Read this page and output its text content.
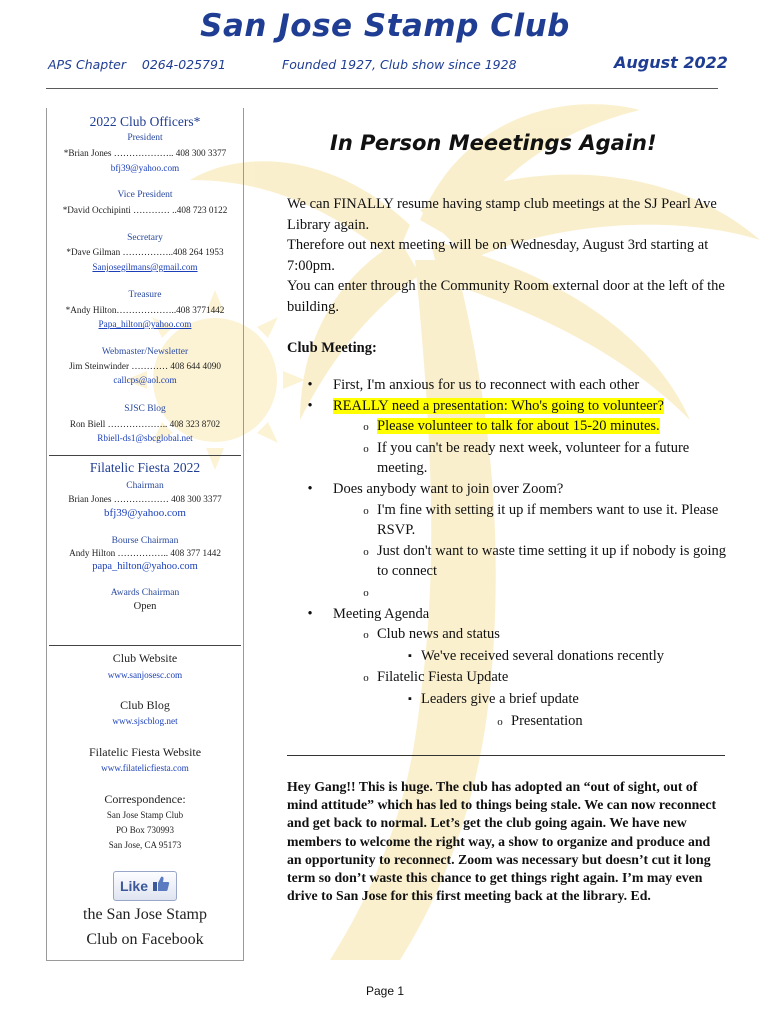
San Jose Stamp Club
APS Chapter    0264-025791	Founded 1927, Club show since 1928	August 2022
2022 Club Officers*
President
*Brian Jones ……………….. 408 300 3377
bfj39@yahoo.com
Vice President
*David Occhipinti ………… ..408 723 0122
Secretary
*Dave Gilman ……………..408 264 1953
Sanjosegilmans@gmail.com
Treasure
*Andy Hilton………………..408 3771442
Papa_hilton@yahoo.com
Webmaster/Newsletter
Jim Steinwinder ………… 408 644 4090
callcps@aol.com
SJSC Blog
Ron Biell ……………….. 408 323 8702
Rbiell-ds1@sbcglobal.net
Filatelic Fiesta 2022
Chairman
Brian Jones ……………… 408 300 3377
bfj39@yahoo.com
Bourse Chairman
Andy Hilton …………….. 408 377 1442
papa_hilton@yahoo.com
Awards Chairman
Open
Club Website
www.sanjosesc.com
Club Blog
www.sjscblog.net
Filatelic Fiesta Website
www.filatelicfiesta.com
Correspondence:
San Jose Stamp Club
PO Box 730993
San Jose, CA 95173
Like
the San Jose Stamp
Club on Facebook
In Person Meeetings Again!
We can FINALLY resume having stamp club meetings at the SJ Pearl Ave Library again.
Therefore out next meeting will be on Wednesday, August 3rd starting at 7:00pm.
You can enter through the Community Room external door at the left of the building.
Club Meeting:
•
First, I'm anxious for us to reconnect with each other
•
REALLY need a presentation: Who's going to volunteer?
o
Please volunteer to talk for about 15-20 minutes.
o
If you can't be ready next week, volunteer for a future meeting.
•
Does anybody want to join over Zoom?
o
I'm fine with setting it up if members want to use it. Please RSVP.
o
Just don't want to waste time setting it up if nobody is going to connect
o
•
Meeting Agenda
o
Club news and status
▪
We've received several donations recently
o
Filatelic Fiesta Update
▪
Leaders give a brief update
o
Presentation
Hey Gang!! This is huge. The club has adopted an “out of sight, out of mind attitude” which has led to things being stale. We can now reconnect and get back to normal. Let’s get the club going again. We have new members to welcome the right way, a show to organize and produce and an opportunity to reconnect. Zoom was necessary but doesn’t cut it long term so don’t waste this chance to get things right again. I’m may even drive to San Jose for this first meeting back at the library. Ed.
Page 1
